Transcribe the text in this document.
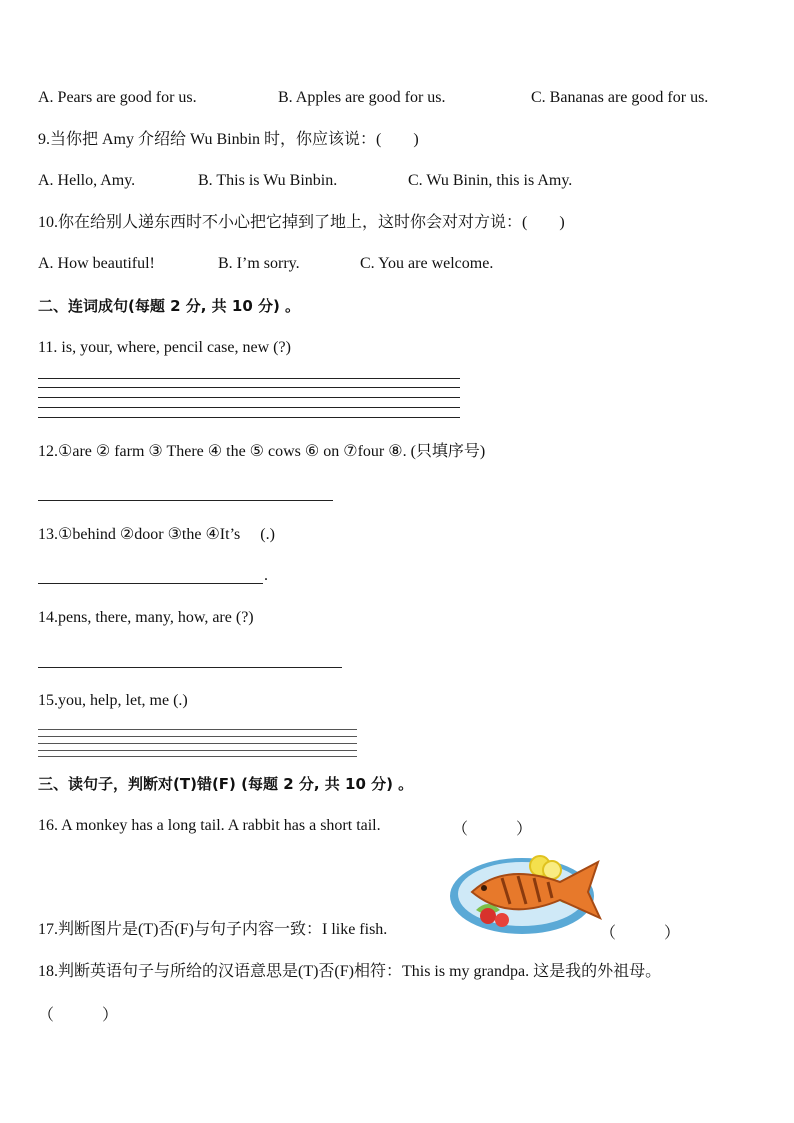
A. Pears are good for us.	B. Apples are good for us.	C. Bananas are good for us.
9.当你把 Amy 介绍给 Wu Binbin 时，你应该说：(　　)
A. Hello, Amy.	B. This is Wu Binbin.	C. Wu Binin, this is Amy.
10.你在给别人递东西时不小心把它掉到了地上，这时你会对对方说：(　　)
A. How beautiful!	B. I’m sorry.	C. You are welcome.
二、连词成句(每题 2 分, 共 10 分) 。
11. is, your, where, pencil case, new (?)
12.①are ② farm ③ There ④ the ⑤ cows ⑥ on ⑦four ⑧. (只填序号)
13.①behind ②door ③the ④It’s　 (.)
.
14.pens, there, many, how, are (?)
15.you, help, let, me (.)
三、读句子，判断对(T)错(F) (每题 2 分, 共 10 分) 。
16. A monkey has a long tail. A rabbit has a short tail.	（　　　）
17.判断图片是(T)否(F)与句子内容一致：I like fish.	（　　　）
18.判断英语句子与所给的汉语意思是(T)否(F)相符：This is my grandpa. 这是我的外祖母。
（　　　）
